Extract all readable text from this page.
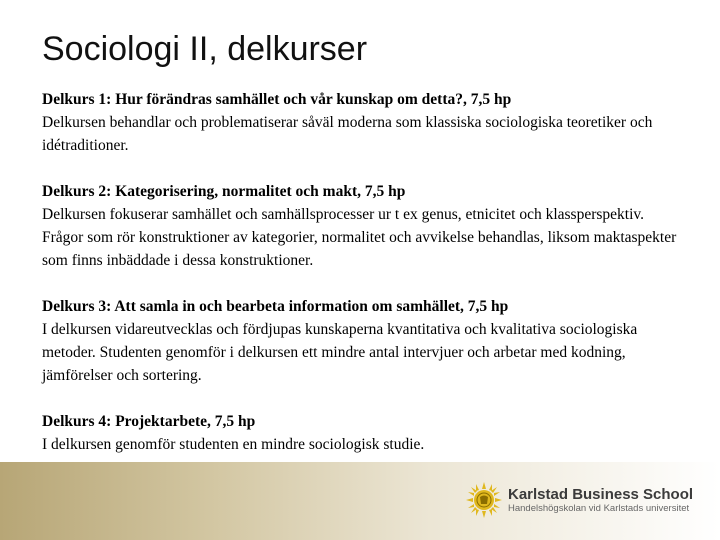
Sociologi II, delkurser
Delkurs 1: Hur förändras samhället och vår kunskap om detta?, 7,5 hp
Delkursen behandlar och problematiserar såväl moderna som klassiska sociologiska teoretiker och idétraditioner.
Delkurs 2: Kategorisering, normalitet och makt, 7,5 hp
Delkursen fokuserar samhället och samhällsprocesser ur t ex genus, etnicitet och klassperspektiv. Frågor som rör konstruktioner av kategorier, normalitet och avvikelse behandlas, liksom maktaspekter som finns inbäddade i dessa konstruktioner.
Delkurs 3: Att samla in och bearbeta information om samhället, 7,5 hp
I delkursen vidareutvecklas och fördjupas kunskaperna kvantitativa och kvalitativa sociologiska metoder. Studenten genomför i delkursen ett mindre antal intervjuer och arbetar med kodning, jämförelser och sortering.
Delkurs 4: Projektarbete, 7,5 hp
I delkursen genomför studenten en mindre sociologisk studie.
Karlstad Business School
Handelshögskolan vid Karlstads universitet
